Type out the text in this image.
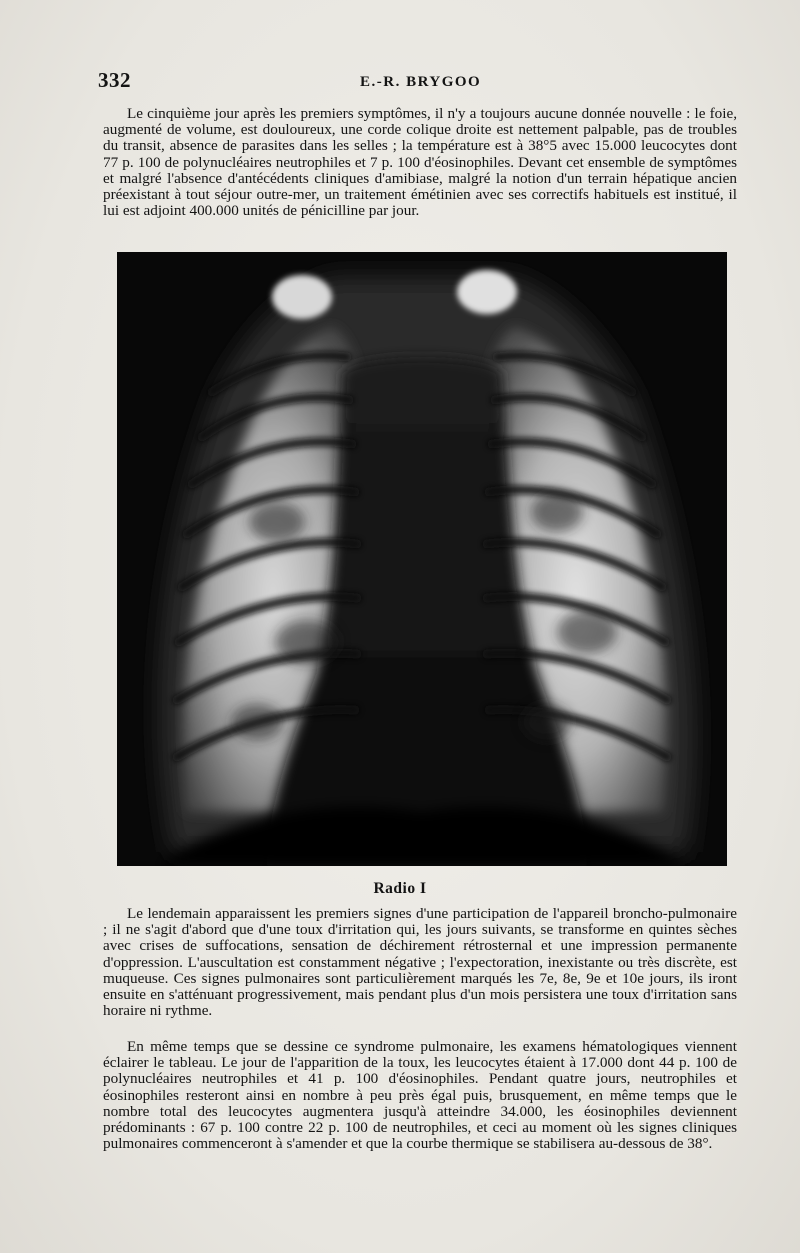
332	E.-R. BRYGOO

Le cinquième jour après les premiers symptômes, il n'y a toujours aucune donnée nouvelle : le foie, augmenté de volume, est douloureux, une corde colique droite est nettement palpable, pas de troubles du transit, absence de parasites dans les selles ; la température est à 38°5 avec 15.000 leucocytes dont 77 p. 100 de polynucléaires neutrophiles et 7 p. 100 d'éosinophiles. Devant cet ensemble de symptômes et malgré l'absence d'antécédents cliniques d'amibiase, malgré la notion d'un terrain hépatique ancien préexistant à tout séjour outre-mer, un traitement émétinien avec ses correctifs habituels est institué, il lui est adjoint 400.000 unités de pénicilline par jour.

Radio I

Le lendemain apparaissent les premiers signes d'une participation de l'appareil broncho-pulmonaire ; il ne s'agit d'abord que d'une toux d'irritation qui, les jours suivants, se transforme en quintes sèches avec crises de suffocations, sensation de déchirement rétrosternal et une impression permanente d'oppression. L'auscultation est constamment négative ; l'expectoration, inexistante ou très discrète, est muqueuse. Ces signes pulmonaires sont particulièrement marqués les 7e, 8e, 9e et 10e jours, ils iront ensuite en s'atténuant progressivement, mais pendant plus d'un mois persistera une toux d'irritation sans horaire ni rythme.

En même temps que se dessine ce syndrome pulmonaire, les examens hématologiques viennent éclairer le tableau. Le jour de l'apparition de la toux, les leucocytes étaient à 17.000 dont 44 p. 100 de polynucléaires neutrophiles et 41 p. 100 d'éosinophiles. Pendant quatre jours, neutrophiles et éosinophiles resteront ainsi en nombre à peu près égal puis, brusquement, en même temps que le nombre total des leucocytes augmentera jusqu'à atteindre 34.000, les éosinophiles deviennent prédominants : 67 p. 100 contre 22 p. 100 de neutrophiles, et ceci au moment où les signes cliniques pulmonaires commenceront à s'amender et que la courbe thermique se stabilisera au-dessous de 38°.
